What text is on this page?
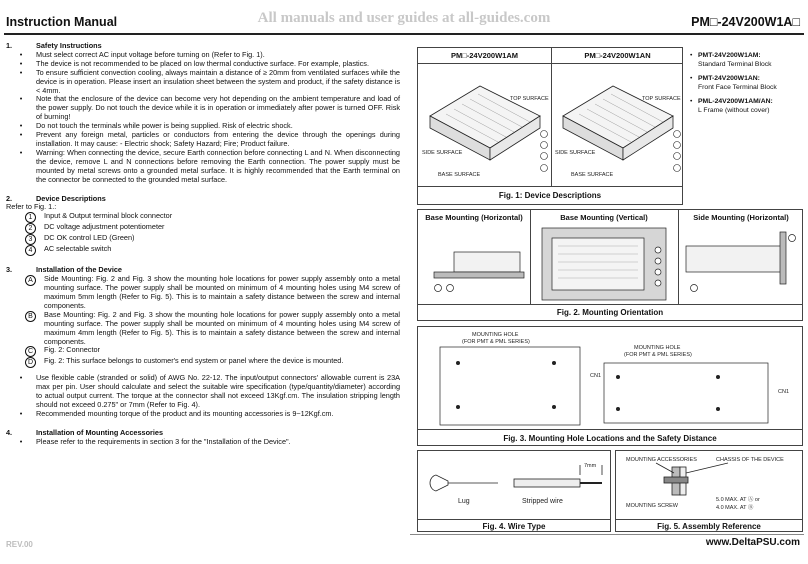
Instruction Manual	All manuals and user guides at all-guides.com	PM□-24V200W1A□
1.	Safety Instructions
•	Must select correct AC input voltage before turning on (Refer to Fig. 1).
•	The device is not recommended to be placed on low thermal conductive surface. For example, plastics.
•	To ensure sufficient convection cooling, always maintain a distance of ≥ 20mm from ventilated surfaces while the device is in operation. Please insert an insulation sheet between the system and product, if the safety distance is < 4mm.
•	Note that the enclosure of the device can become very hot depending on the ambient temperature and load of the power supply. Do not touch the device while it is in operation or immediately after power is turned OFF. Risk of burning!
•	Do not touch the terminals while power is being supplied. Risk of electric shock.
•	Prevent any foreign metal, particles or conductors from entering the device through the openings during installation. It may cause: - Electric shock; Safety Hazard; Fire; Product failure.
•	Warning: When connecting the device, secure Earth connection before connecting L and N. When disconnecting the device, remove L and N connections before removing the Earth connection. The power supply must be mounted by metal screws onto a grounded metal surface. It is highly recommended that the Earth terminal on the connector be connected to the grounded metal surface.
2.	Device Descriptions
Refer to Fig. 1.:
1	Input & Output terminal block connector
2	DC voltage adjustment potentiometer
3	DC OK control LED (Green)
4	AC selectable switch
3.	Installation of the Device
A	Side Mounting: Fig. 2 and Fig. 3 show the mounting hole locations for power supply assembly onto a metal mounting surface. The power supply shall be mounted on minimum of 4 mounting holes using M4 screw of maximum 5mm length (Refer to Fig. 5). This is to maintain a safety distance between the screw and internal components.
B	Base Mounting: Fig. 2 and Fig. 3 show the mounting hole locations for power supply assembly onto a metal mounting surface. The power supply shall be mounted on minimum of 4 mounting holes using M4 screw of maximum 4mm length (Refer to Fig. 5). This is to maintain a safety distance between the screw and internal components.
C	Fig. 2: Connector
D	Fig. 2: This surface belongs to customer's end system or panel where the device is mounted.
•	Use flexible cable (stranded or solid) of AWG No. 22-12. The input/output connectors' allowable current is 23A max per pin. User should calculate and select the suitable wire specification (type/quantity/diameter) according to actual output current. The torque at the connector shall not exceed 13Kgf.cm. The insulation stripping length should not exceed 0.275" or 7mm (Refer to Fig. 4).
•	Recommended mounting torque of the product and its mounting accessories is 9~12Kgf.cm.
4.	Installation of Mounting Accessories
•	Please refer to the requirements in section 3 for the "Installation of the Device".
PM□-24V200W1AM	PM□-24V200W1AN
Fig. 1: Device Descriptions
TOP SURFACE
SIDE SURFACE
BASE SURFACE
TOP SURFACE
SIDE SURFACE
BASE SURFACE
• PMT-24V200W1AM:
Standard Terminal Block
• PMT-24V200W1AN:
Front Face Terminal Block
• PML-24V200W1AM/AN:
L Frame (without cover)
Base Mounting (Horizontal)	Base Mounting (Vertical)	Side Mounting (Horizontal)
Fig. 2. Mounting Orientation
Fig. 3. Mounting Hole Locations and the Safety Distance
MOUNTING HOLE
(FOR PMT & PML SERIES)
MOUNTING HOLE
(FOR PMT & PML SERIES)
CN1
CN1
Fig. 4. Wire Type
7mm
Lug	Stripped wire
Fig. 5. Assembly Reference
MOUNTING ACCESSORIES	CHASSIS OF THE DEVICE
MOUNTING SCREW
5.0 MAX. AT Ⓐ or
4.0 MAX. AT Ⓑ
REV.00	www.DeltaPSU.com
